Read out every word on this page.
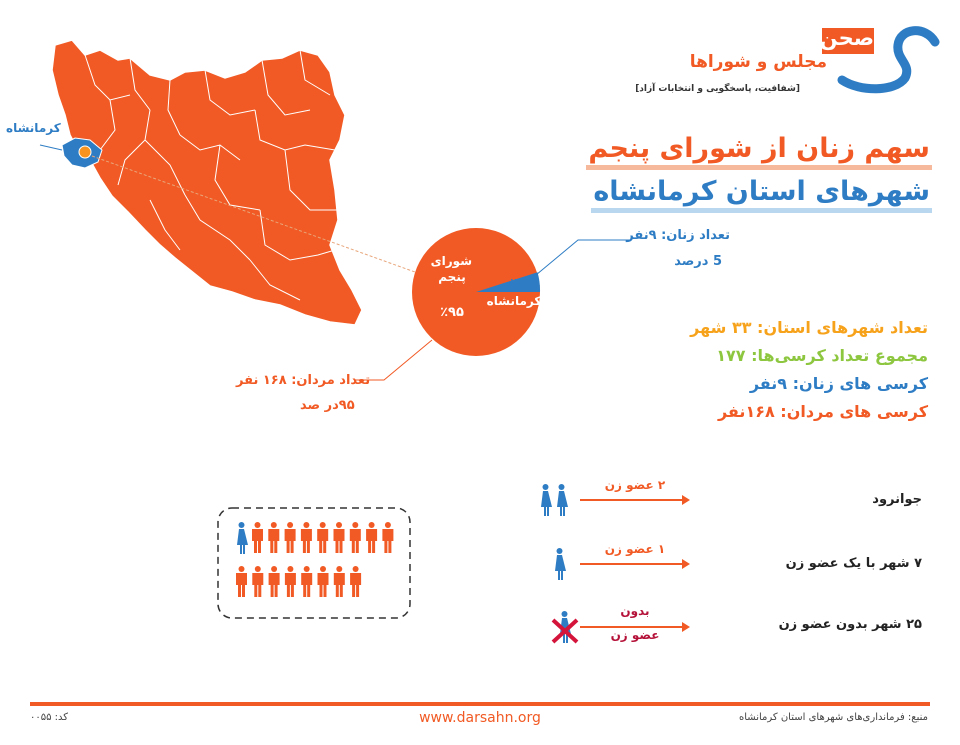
صحن
مجلس و شوراها
[شفافیت، پاسخگویی و انتخابات آزاد]
سهم زنان از شورای پنجم
شهرهای استان کرمانشاه
کرمانشاه
شورای
پنجم
٪۹۵
٪۵
کرمانشاه
تعداد زنان: ۹نفر
5 درصد
تعداد مردان: ۱۶۸ نفر
۹۵در صد
تعداد شهرهای استان: ۳۳ شهر
مجموع تعداد کرسی‌ها: ۱۷۷
کرسی های زنان: ۹نفر
کرسی های مردان: ۱۶۸نفر
جوانرود
۲ عضو زن
۷ شهر با یک عضو زن
۱ عضو زن
۲۵ شهر بدون عضو زن
بدون
عضو زن
www.darsahn.org	منبع: فرمانداری‌های شهرهای استان کرمانشاه
کد: ۰۰۵۵
